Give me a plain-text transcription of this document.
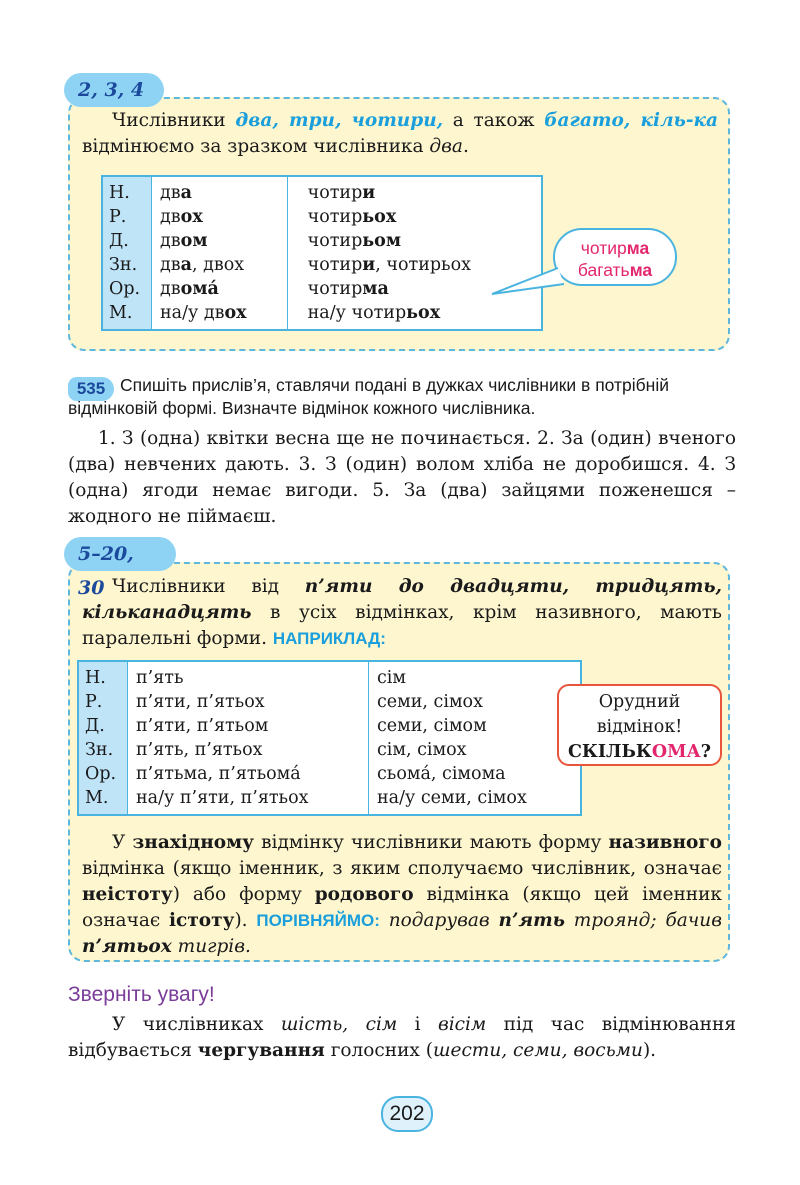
2, 3, 4
Числівники два, три, чотири, а також багато, кіль-ка відмінюємо за зразком числівника два.
Н.	два	чотири
Р.	двох	чотирьох
Д.	двом	чотирьом
Зн.	два, двох	чотири, чотирьох
Ор.	двомá	чотирма
М.	на/у двох	на/у чотирьох
чотирма
багатьма
535 Спишіть прислів’я, ставлячи подані в дужках числівники в потрібній відмінковій формі. Визначте відмінок кожного числівника.
1. З (одна) квітки весна ще не починається. 2. За (один) вченого (два) невчених дають. 3. З (один) волом хліба не доробишся. 4. З (одна) ягоди немає вигоди. 5. За (два) зайцями поженешся – жодного не піймаєш.
5–20, 30 Числівники від п’яти до двадцяти, тридцять, кільканадцять в усіх відмінках, крім називного, мають паралельні форми. НАПРИКЛАД:
Н.	п’ять	сім
Р.	п’яти, п’ятьох	семи, сімох
Д.	п’яти, п’ятьом	семи, сімом
Зн.	п’ять, п’ятьох	сім, сімох
Ор.	п’ятьма, п’ятьомá	сьомá, сімома
М.	на/у п’яти, п’ятьох	на/у семи, сімох
Орудний
відмінок!
СКІЛЬКОМА?
У знахідному відмінку числівники мають форму називного відмінка (якщо іменник, з яким сполучаємо числівник, означає неістоту) або форму родового відмінка (якщо цей іменник означає істоту). ПОРІВНЯЙМО: подарував п’ять троянд; бачив п’ятьох тигрів.
Зверніть увагу!
У числівниках шість, сім і вісім під час відмінювання відбувається чергування голосних (шести, семи, восьми).
202
